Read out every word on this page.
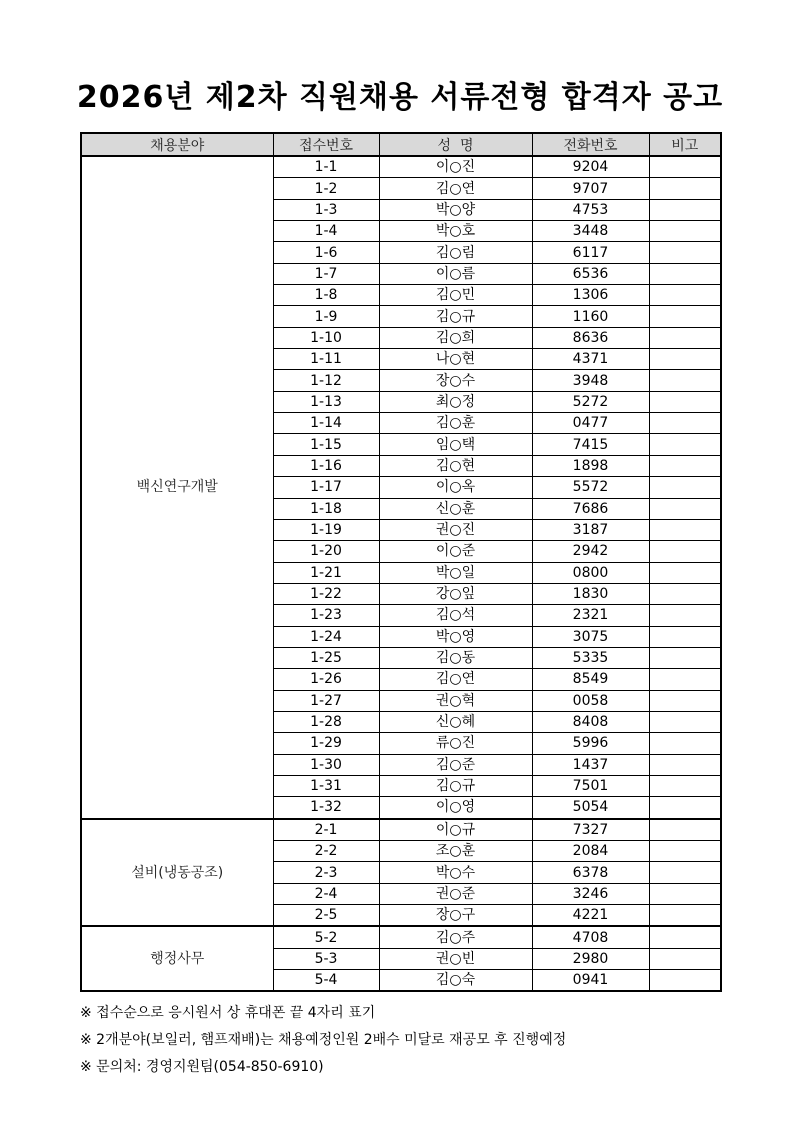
2026년 제2차 직원채용 서류전형 합격자 공고
채용분야	접수번호	성  명	전화번호	비고
백신연구개발	1-1	이○진	9204	
	1-2	김○연	9707	
	1-3	박○양	4753	
	1-4	박○호	3448	
	1-6	김○림	6117	
	1-7	이○름	6536	
	1-8	김○민	1306	
	1-9	김○규	1160	
	1-10	김○희	8636	
	1-11	나○현	4371	
	1-12	장○수	3948	
	1-13	최○정	5272	
	1-14	김○훈	0477	
	1-15	임○택	7415	
	1-16	김○현	1898	
	1-17	이○옥	5572	
	1-18	신○훈	7686	
	1-19	권○진	3187	
	1-20	이○준	2942	
	1-21	박○일	0800	
	1-22	강○잎	1830	
	1-23	김○석	2321	
	1-24	박○영	3075	
	1-25	김○동	5335	
	1-26	김○연	8549	
	1-27	권○혁	0058	
	1-28	신○혜	8408	
	1-29	류○진	5996	
	1-30	김○준	1437	
	1-31	김○규	7501	
	1-32	이○영	5054	
설비(냉동공조)	2-1	이○규	7327	
	2-2	조○훈	2084	
	2-3	박○수	6378	
	2-4	권○준	3246	
	2-5	장○구	4221	
행정사무	5-2	김○주	4708	
	5-3	권○빈	2980	
	5-4	김○숙	0941	
※ 접수순으로 응시원서 상 휴대폰 끝 4자리 표기
※ 2개분야(보일러, 햄프재배)는 채용예정인원 2배수 미달로 재공모 후 진행예정
※ 문의처: 경영지원팀(054-850-6910)
